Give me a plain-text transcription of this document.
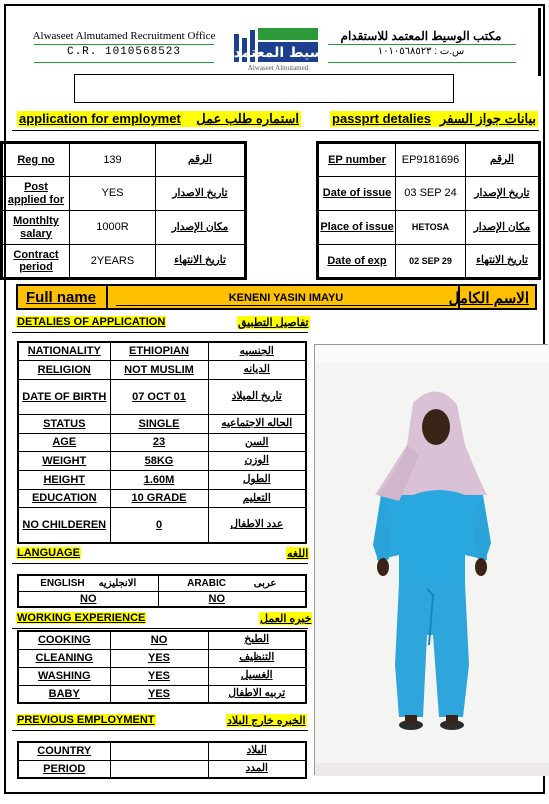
Alwaseet Almutamed Recruitment Office
C.R. 1010568523	الوسيط المعتمد
Alwaseet Almutamed
مكتب الوسيط المعتمد للاستقدام
س.ت : ١٠١٠٥٦٨٥٢٣
application for employmet استماره طلب عمل	passprt detalies بيانات جواز السفر
Reg no	139	الرقم
Post applied for	YES	تاريخ الاصدار
Monthlty salary	1000R	مكان الإصدار
Contract period	2YEARS	تاريخ الانتهاء
EP number	EP9181696	الرقم
Date of issue	03 SEP 24	تاريخ الإصدار
Place of issue	HETOSA	مكان الإصدار
Date of exp	02 SEP 29	تاريخ الانتهاء
Full name	KENENI YASIN IMAYU	الاسم الكامل
DETALIES OF APPLICATION	تفاصيل التطبيق
NATIONALITY	ETHIOPIAN	الجنسيه
RELIGION	NOT MUSLIM	الديانه
DATE OF BIRTH	07 OCT 01	تاريخ الميلاد
STATUS	SINGLE	الحاله الاجتماعيه
AGE	23	السن
WEIGHT	58KG	الوزن
HEIGHT	1.60M	الطول
EDUCATION	10 GRADE	التعليم
NO CHILDEREN	0	عدد الاطفال
LANGUAGE	اللغه
ENGLISH الانجليزيه	ARABIC عربى
NO	NO
WORKING EXPERIENCE	خبره العمل
COOKING	NO	الطبخ
CLEANING	YES	التنظيف
WASHING	YES	الغسيل
BABY	YES	تربيه الاطفال
PREVIOUS EMPLOYMENT	الخبره خارج البلاد
COUNTRY		البلاد
PERIOD		المدد
